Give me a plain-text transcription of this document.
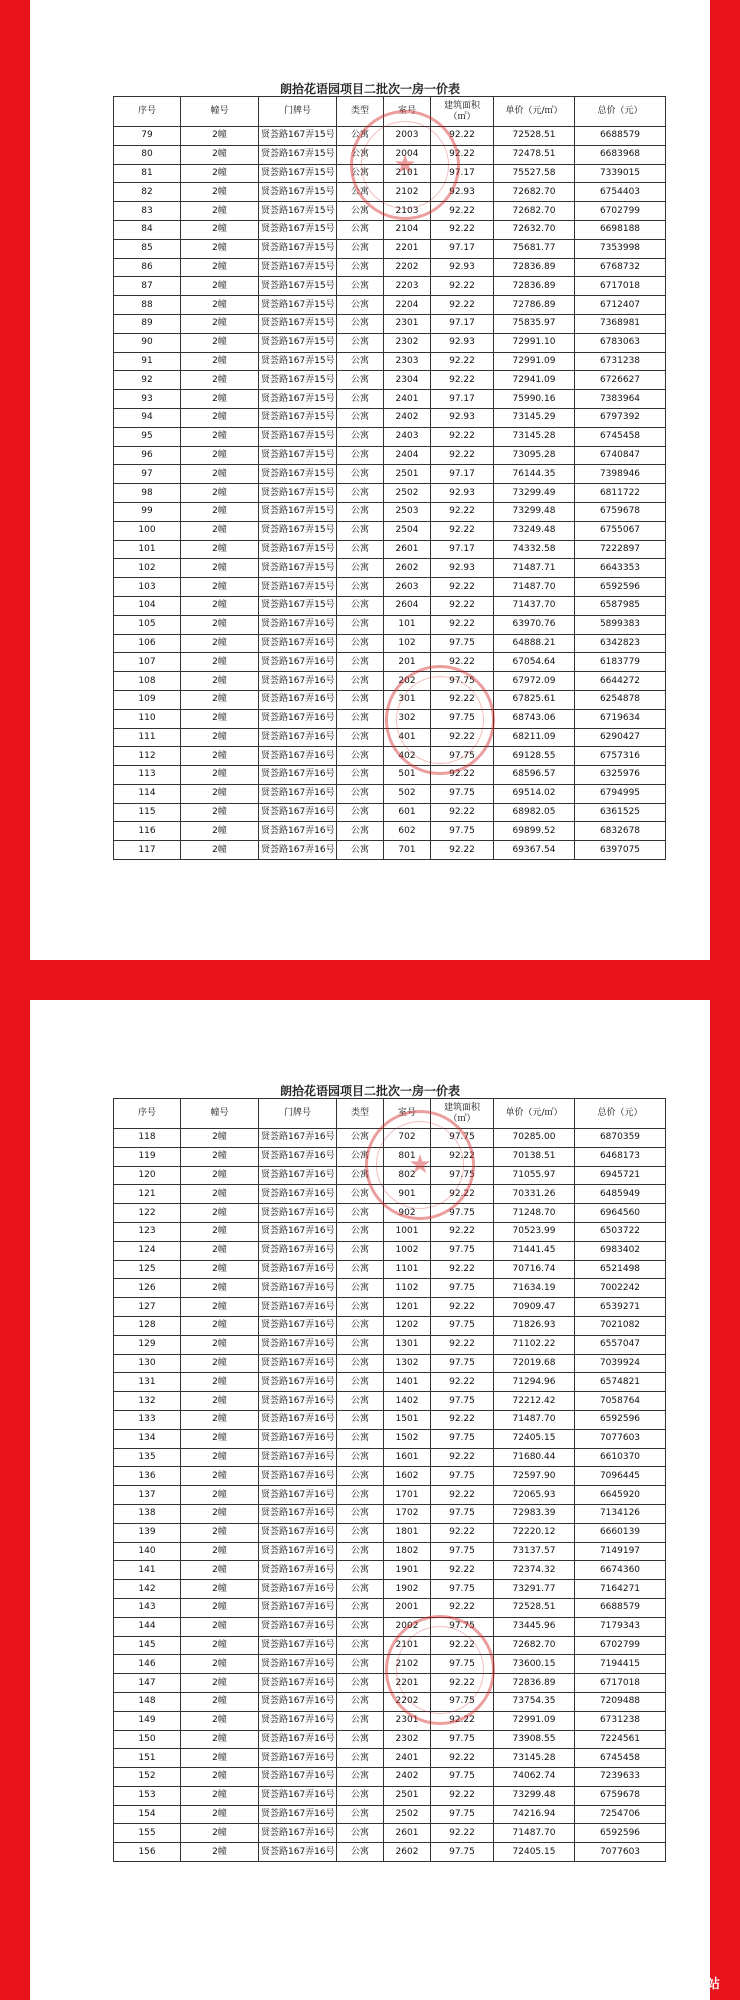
朗拾花语园项目二批次一房一价表
序号	幢号	门牌号	类型	室号	建筑面积（㎡）	单价（元/㎡）	总价（元）
79	2幢	贤荟路167弄15号	公寓	2003	92.22	72528.51	6688579
80	2幢	贤荟路167弄15号	公寓	2004	92.22	72478.51	6683968
81	2幢	贤荟路167弄15号	公寓	2101	97.17	75527.58	7339015
82	2幢	贤荟路167弄15号	公寓	2102	92.93	72682.70	6754403
83	2幢	贤荟路167弄15号	公寓	2103	92.22	72682.70	6702799
84	2幢	贤荟路167弄15号	公寓	2104	92.22	72632.70	6698188
85	2幢	贤荟路167弄15号	公寓	2201	97.17	75681.77	7353998
86	2幢	贤荟路167弄15号	公寓	2202	92.93	72836.89	6768732
87	2幢	贤荟路167弄15号	公寓	2203	92.22	72836.89	6717018
88	2幢	贤荟路167弄15号	公寓	2204	92.22	72786.89	6712407
89	2幢	贤荟路167弄15号	公寓	2301	97.17	75835.97	7368981
90	2幢	贤荟路167弄15号	公寓	2302	92.93	72991.10	6783063
91	2幢	贤荟路167弄15号	公寓	2303	92.22	72991.09	6731238
92	2幢	贤荟路167弄15号	公寓	2304	92.22	72941.09	6726627
93	2幢	贤荟路167弄15号	公寓	2401	97.17	75990.16	7383964
94	2幢	贤荟路167弄15号	公寓	2402	92.93	73145.29	6797392
95	2幢	贤荟路167弄15号	公寓	2403	92.22	73145.28	6745458
96	2幢	贤荟路167弄15号	公寓	2404	92.22	73095.28	6740847
97	2幢	贤荟路167弄15号	公寓	2501	97.17	76144.35	7398946
98	2幢	贤荟路167弄15号	公寓	2502	92.93	73299.49	6811722
99	2幢	贤荟路167弄15号	公寓	2503	92.22	73299.48	6759678
100	2幢	贤荟路167弄15号	公寓	2504	92.22	73249.48	6755067
101	2幢	贤荟路167弄15号	公寓	2601	97.17	74332.58	7222897
102	2幢	贤荟路167弄15号	公寓	2602	92.93	71487.71	6643353
103	2幢	贤荟路167弄15号	公寓	2603	92.22	71487.70	6592596
104	2幢	贤荟路167弄15号	公寓	2604	92.22	71437.70	6587985
105	2幢	贤荟路167弄16号	公寓	101	92.22	63970.76	5899383
106	2幢	贤荟路167弄16号	公寓	102	97.75	64888.21	6342823
107	2幢	贤荟路167弄16号	公寓	201	92.22	67054.64	6183779
108	2幢	贤荟路167弄16号	公寓	202	97.75	67972.09	6644272
109	2幢	贤荟路167弄16号	公寓	301	92.22	67825.61	6254878
110	2幢	贤荟路167弄16号	公寓	302	97.75	68743.06	6719634
111	2幢	贤荟路167弄16号	公寓	401	92.22	68211.09	6290427
112	2幢	贤荟路167弄16号	公寓	402	97.75	69128.55	6757316
113	2幢	贤荟路167弄16号	公寓	501	92.22	68596.57	6325976
114	2幢	贤荟路167弄16号	公寓	502	97.75	69514.02	6794995
115	2幢	贤荟路167弄16号	公寓	601	92.22	68982.05	6361525
116	2幢	贤荟路167弄16号	公寓	602	97.75	69899.52	6832678
117	2幢	贤荟路167弄16号	公寓	701	92.22	69367.54	6397075
★
朗拾花语园项目二批次一房一价表
序号	幢号	门牌号	类型	室号	建筑面积（㎡）	单价（元/㎡）	总价（元）
118	2幢	贤荟路167弄16号	公寓	702	97.75	70285.00	6870359
119	2幢	贤荟路167弄16号	公寓	801	92.22	70138.51	6468173
120	2幢	贤荟路167弄16号	公寓	802	97.75	71055.97	6945721
121	2幢	贤荟路167弄16号	公寓	901	92.22	70331.26	6485949
122	2幢	贤荟路167弄16号	公寓	902	97.75	71248.70	6964560
123	2幢	贤荟路167弄16号	公寓	1001	92.22	70523.99	6503722
124	2幢	贤荟路167弄16号	公寓	1002	97.75	71441.45	6983402
125	2幢	贤荟路167弄16号	公寓	1101	92.22	70716.74	6521498
126	2幢	贤荟路167弄16号	公寓	1102	97.75	71634.19	7002242
127	2幢	贤荟路167弄16号	公寓	1201	92.22	70909.47	6539271
128	2幢	贤荟路167弄16号	公寓	1202	97.75	71826.93	7021082
129	2幢	贤荟路167弄16号	公寓	1301	92.22	71102.22	6557047
130	2幢	贤荟路167弄16号	公寓	1302	97.75	72019.68	7039924
131	2幢	贤荟路167弄16号	公寓	1401	92.22	71294.96	6574821
132	2幢	贤荟路167弄16号	公寓	1402	97.75	72212.42	7058764
133	2幢	贤荟路167弄16号	公寓	1501	92.22	71487.70	6592596
134	2幢	贤荟路167弄16号	公寓	1502	97.75	72405.15	7077603
135	2幢	贤荟路167弄16号	公寓	1601	92.22	71680.44	6610370
136	2幢	贤荟路167弄16号	公寓	1602	97.75	72597.90	7096445
137	2幢	贤荟路167弄16号	公寓	1701	92.22	72065.93	6645920
138	2幢	贤荟路167弄16号	公寓	1702	97.75	72983.39	7134126
139	2幢	贤荟路167弄16号	公寓	1801	92.22	72220.12	6660139
140	2幢	贤荟路167弄16号	公寓	1802	97.75	73137.57	7149197
141	2幢	贤荟路167弄16号	公寓	1901	92.22	72374.32	6674360
142	2幢	贤荟路167弄16号	公寓	1902	97.75	73291.77	7164271
143	2幢	贤荟路167弄16号	公寓	2001	92.22	72528.51	6688579
144	2幢	贤荟路167弄16号	公寓	2002	97.75	73445.96	7179343
145	2幢	贤荟路167弄16号	公寓	2101	92.22	72682.70	6702799
146	2幢	贤荟路167弄16号	公寓	2102	97.75	73600.15	7194415
147	2幢	贤荟路167弄16号	公寓	2201	92.22	72836.89	6717018
148	2幢	贤荟路167弄16号	公寓	2202	97.75	73754.35	7209488
149	2幢	贤荟路167弄16号	公寓	2301	92.22	72991.09	6731238
150	2幢	贤荟路167弄16号	公寓	2302	97.75	73908.55	7224561
151	2幢	贤荟路167弄16号	公寓	2401	92.22	73145.28	6745458
152	2幢	贤荟路167弄16号	公寓	2402	97.75	74062.74	7239633
153	2幢	贤荟路167弄16号	公寓	2501	92.22	73299.48	6759678
154	2幢	贤荟路167弄16号	公寓	2502	97.75	74216.94	7254706
155	2幢	贤荟路167弄16号	公寓	2601	92.22	71487.70	6592596
156	2幢	贤荟路167弄16号	公寓	2602	97.75	72405.15	7077603
★
搜狐号@搜狐焦点咸宁站
